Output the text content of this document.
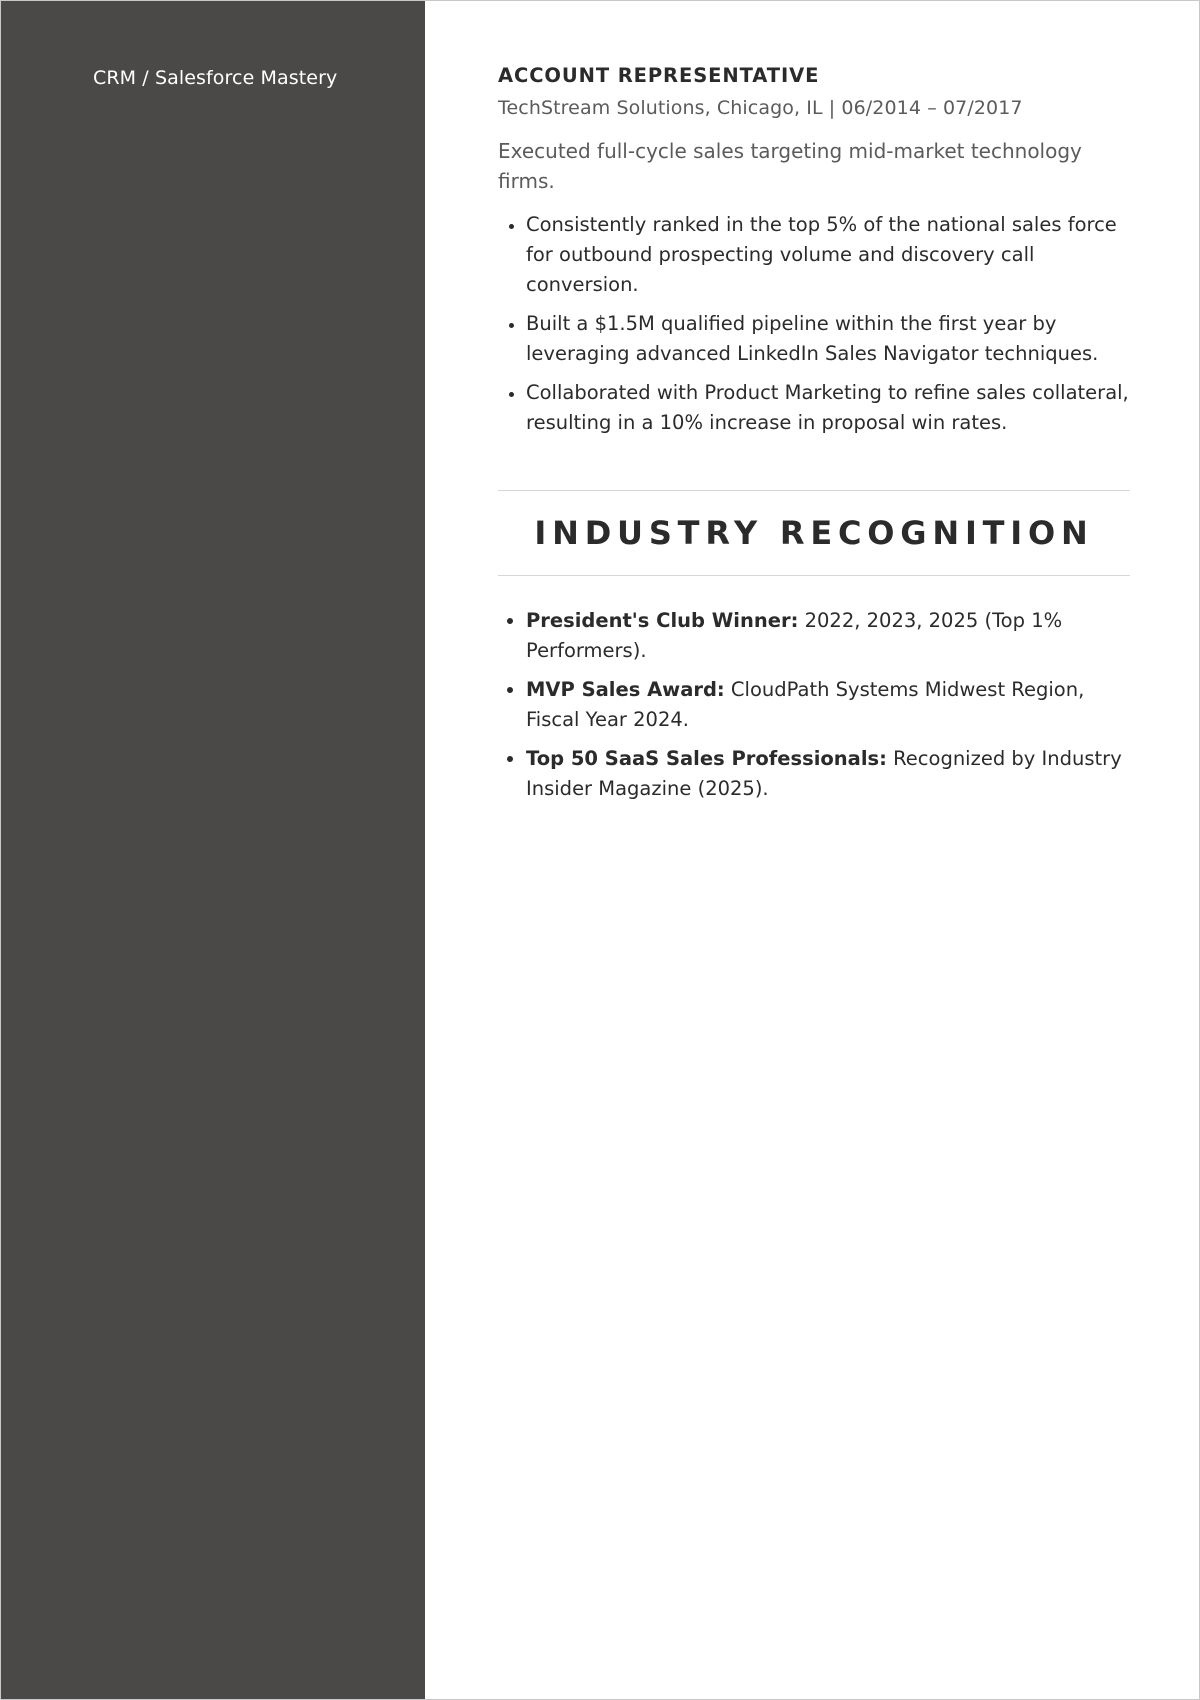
CRM / Salesforce Mastery	ACCOUNT REPRESENTATIVE
TechStream Solutions, Chicago, IL | 06/2014 – 07/2017
Executed full-cycle sales targeting mid-market technology firms.
• Consistently ranked in the top 5% of the national sales force for outbound prospecting volume and discovery call conversion.
• Built a $1.5M qualified pipeline within the first year by leveraging advanced LinkedIn Sales Navigator techniques.
• Collaborated with Product Marketing to refine sales collateral, resulting in a 10% increase in proposal win rates.
INDUSTRY RECOGNITION
• President's Club Winner: 2022, 2023, 2025 (Top 1% Performers).
• MVP Sales Award: CloudPath Systems Midwest Region, Fiscal Year 2024.
• Top 50 SaaS Sales Professionals: Recognized by Industry Insider Magazine (2025).
